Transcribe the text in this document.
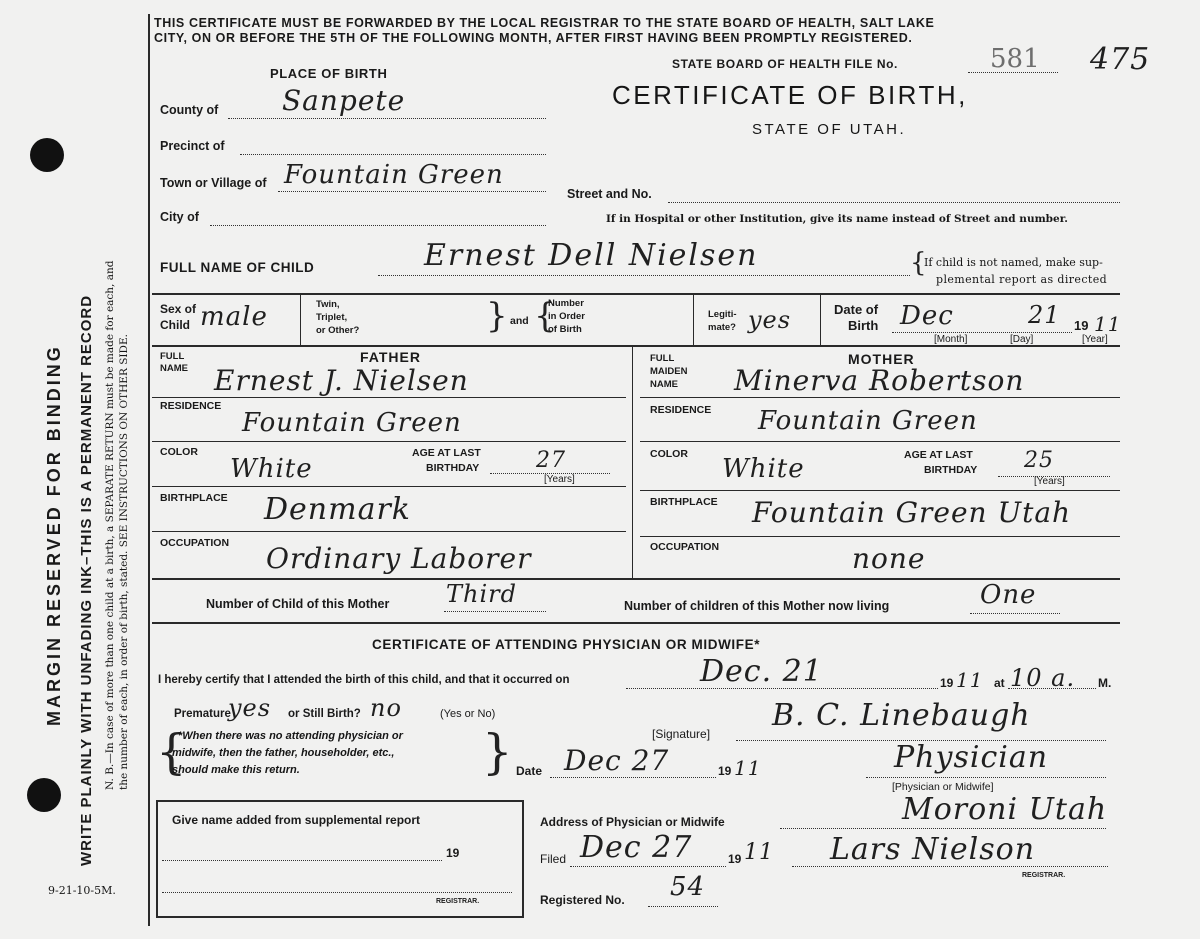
MARGIN RESERVED FOR BINDING WRITE PLAINLY WITH UNFADING INK–THIS IS A PERMANENT RECORD N. B.—In case of more than one child at a birth, a SEPARATE RETURN must be made for each, and the number of each, in order of birth, stated. SEE INSTRUCTIONS ON OTHER SIDE.
9-21-10-5M.
THIS CERTIFICATE MUST BE FORWARDED BY THE LOCAL REGISTRAR TO THE STATE BOARD OF HEALTH, SALT LAKE
CITY, ON OR BEFORE THE 5TH OF THE FOLLOWING MONTH, AFTER FIRST HAVING BEEN PROMPTLY REGISTERED.
STATE BOARD OF HEALTH FILE No.	581 475
CERTIFICATE OF BIRTH,
STATE OF UTAH.
PLACE OF BIRTH
County of Sanpete
Precinct of
Town or Village of Fountain Green
City of
Street and No.
If in Hospital or other Institution, give its name instead of Street and number.
FULL NAME OF CHILD	Ernest Dell Nielsen	{
If child is not named, make sup-
plemental report as directed
Sex of
Child male	Twin,
Triplet,
or Other?	} and {
Number
in Order
of Birth
Legiti-
mate? yes	Date of
Birth Dec	21 19 11
[Month]	[Day]	[Year]
FULL
NAME
FATHER
Ernest J. Nielsen
RESIDENCE
Fountain Green
COLOR
White
AGE AT LAST
BIRTHDAY	27
[Years]
BIRTHPLACE Denmark
OCCUPATION Ordinary Laborer
FULL
MAIDEN
NAME
MOTHER
Minerva Robertson
RESIDENCE Fountain Green
COLOR White	AGE AT LAST
BIRTHDAY 25
[Years]
BIRTHPLACE Fountain Green Utah
OCCUPATION	none
Number of Child of this Mother Third	Number of children of this Mother now living	One
CERTIFICATE OF ATTENDING PHYSICIAN OR MIDWIFE*
I hereby certify that I attended the birth of this child, and that it occurred on	Dec. 21	19 11 at 10 a. M.
Premature
yes or Still Birth? no	(Yes or No)
{
*When there was no attending physician or
midwife, then the father, householder, etc.,
should make this return.	}	[Signature]
B. C. Linebaugh
Date Dec 27	19 11	Physician
[Physician or Midwife]
Address of Physician or Midwife	Moroni Utah
Give name added from supplemental report
19
REGISTRAR.
Filed Dec 27	19 11 Lars Nielson
REGISTRAR.
Registered No. 54
